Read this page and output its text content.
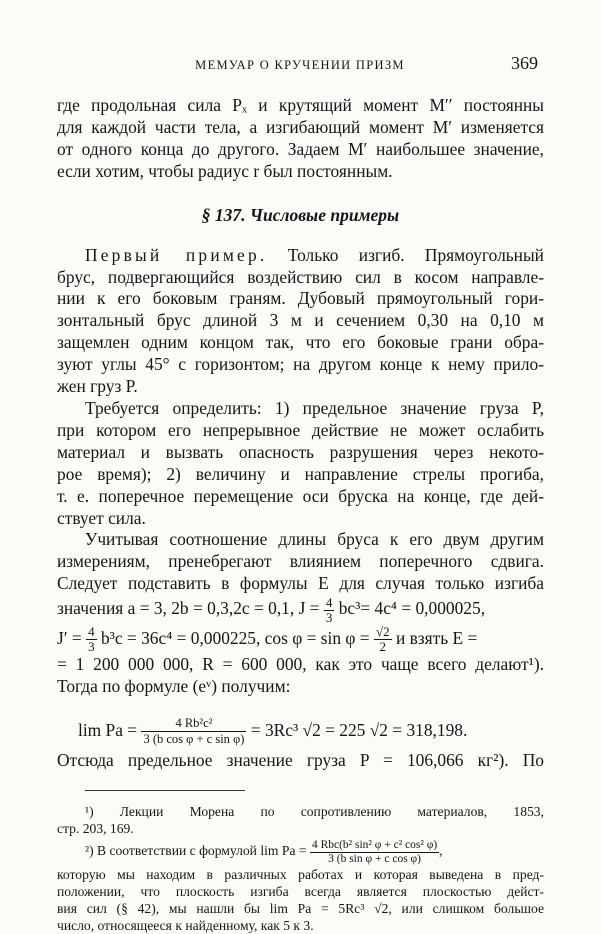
МЕМУАР О КРУЧЕНИИ ПРИЗМ	369
где продольная сила Pₓ и крутящий момент M′′ постоянны
для каждой части тела, а изгибающий момент M′ изменяется
от одного конца до другого. Задаем M′ наибольшее значение,
если хотим, чтобы радиус r был постоянным.
§ 137. Числовые примеры
Первый пример. Только изгиб. Прямоугольный
брус, подвергающийся воздействию сил в косом направле-
нии к его боковым граням. Дубовый прямоугольный гори-
зонтальный брус длиной 3 м и сечением 0,30 на 0,10 м
защемлен одним концом так, что его боковые грани обра-
зуют углы 45° с горизонтом; на другом конце к нему прило-
жен груз P.
Требуется определить: 1) предельное значение груза P,
при котором его непрерывное действие не может ослабить
материал и вызвать опасность разрушения через некото-
рое время); 2) величину и направление стрелы прогиба,
т. е. поперечное перемещение оси бруска на конце, где дей-
ствует сила.
Учитывая соотношение длины бруса к его двум другим
измерениям, пренебрегают влиянием поперечного сдвига.
Следует подставить в формулы E для случая только изгиба
значения a = 3, 2b = 0,3,2c = 0,1, $J = \frac{4}{3} bc^3= 4c^4 = 0,000025$,
$J' = \frac{4}{3} b^3c = 36c^4 = 0,000225$, $\cos \varphi = \sin \varphi = \frac{√2}{2}$ и взять E =
= 1 200 000 000, R = 600 000, как это чаще всего делают¹).
Тогда по формуле (eᵛ) получим:
$\lim Pa = \frac{\text{4 Rb²c²}}{\text{3 (b cos φ + c sin φ)}} = 3Rc^3$ √2 = 225 √2 = 318,198.
Отсюда предельное значение груза P = 106,066 кг²). По
¹) Лекции Морена по сопротивлению материалов, 1853,
стр. 203, 169.
²) В соответствии с формулой $\lim Pa = \frac{\text{4 Rbc(b² sin² φ + c² cos² φ)}}{\text{3 (b sin φ + c cos φ)}}$ ,
которую мы находим в различных работах и которая выведена в пред-
положении, что плоскость изгиба всегда является плоскостью дейст-
вия сил (§ 42), мы нашли бы lim Pa = 5Rc³ √2, или слишком большое
число, относящееся к найденному, как 5 к 3.
